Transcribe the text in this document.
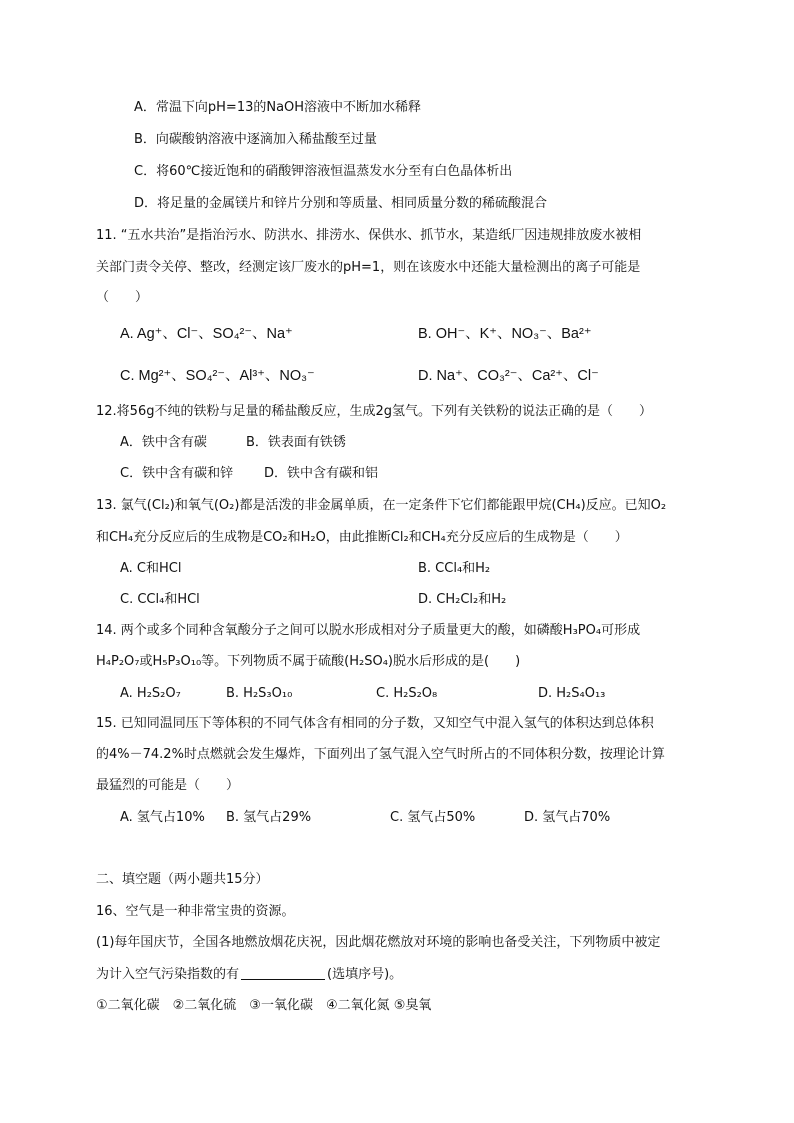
A．常温下向pH=13的NaOH溶液中不断加水稀释
B．向碳酸钠溶液中逐滴加入稀盐酸至过量
C．将60℃接近饱和的硝酸钾溶液恒温蒸发水分至有白色晶体析出
D．将足量的金属镁片和锌片分别和等质量、相同质量分数的稀硫酸混合
11. “五水共治”是指治污水、防洪水、排涝水、保供水、抓节水，某造纸厂因违规排放废水被相
关部门责令关停、整改，经测定该厂废水的pH=1，则在该废水中还能大量检测出的离子可能是
（　　）
A. Ag⁺、Cl⁻、SO₄²⁻、Na⁺	B. OH⁻、K⁺、NO₃⁻、Ba²⁺
C. Mg²⁺、SO₄²⁻、Al³⁺、NO₃⁻	D. Na⁺、CO₃²⁻、Ca²⁺、Cl⁻
12.将56g不纯的铁粉与足量的稀盐酸反应，生成2g氢气。下列有关铁粉的说法正确的是（　　）
A．铁中含有碳	B．铁表面有铁锈
C．铁中含有碳和锌 D．铁中含有碳和铝
13. 氯气(Cl₂)和氧气(O₂)都是活泼的非金属单质，在一定条件下它们都能跟甲烷(CH₄)反应。已知O₂
和CH₄充分反应后的生成物是CO₂和H₂O，由此推断Cl₂和CH₄充分反应后的生成物是（　　）
A. C和HCl	B. CCl₄和H₂
C. CCl₄和HCl	D. CH₂Cl₂和H₂
14. 两个或多个同种含氧酸分子之间可以脱水形成相对分子质量更大的酸，如磷酸H₃PO₄可形成
H₄P₂O₇或H₅P₃O₁₀等。下列物质不属于硫酸(H₂SO₄)脱水后形成的是(　　)
A. H₂S₂O₇	B. H₂S₃O₁₀	C. H₂S₂O₈	D. H₂S₄O₁₃
15. 已知同温同压下等体积的不同气体含有相同的分子数，又知空气中混入氢气的体积达到总体积
的4%－74.2%时点燃就会发生爆炸，下面列出了氢气混入空气时所占的不同体积分数，按理论计算
最猛烈的可能是（　　）
A. 氢气占10% B. 氢气占29%	C. 氢气占50%	D. 氢气占70%
二、填空题（两小题共15分）
16、空气是一种非常宝贵的资源。
(1)每年国庆节，全国各地燃放烟花庆祝，因此烟花燃放对环境的影响也备受关注，下列物质中被定
为计入空气污染指数的有	(选填序号)。
①二氧化碳　②二氧化硫　③一氧化碳　④二氧化氮 ⑤臭氧
